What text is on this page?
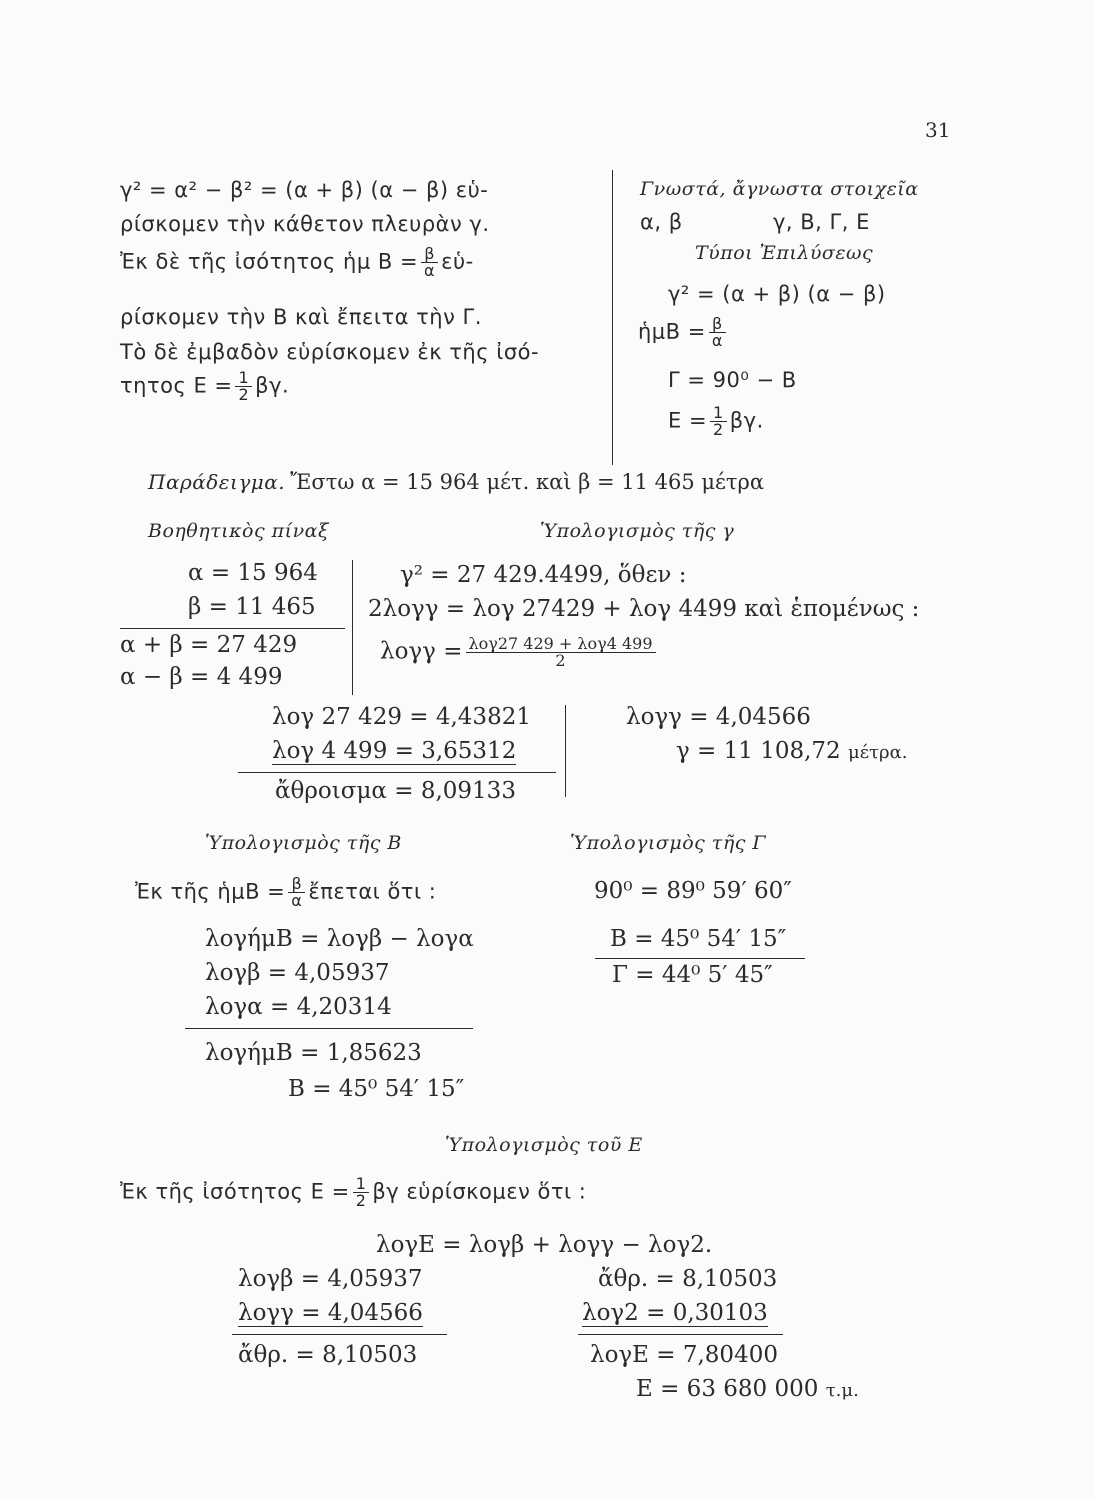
31
γ² = α² − β² = (α + β) (α − β) εὑ-
ρίσκομεν τὴν κάθετον πλευρὰν γ.
Ἐκ δὲ τῆς ἰσότητος ἡμ $B = \frac{\beta}{\alpha}$ εὑ-
ρίσκομεν τὴν Β καὶ ἔπειτα τὴν Γ.
Τὸ δὲ ἐμβαδὸν εὑρίσκομεν ἐκ τῆς ἰσό-
τητος $E = \frac{1}{2} \beta\gamma$.
Γνωστά, ἄγνωστα στοιχεῖα
α, β	γ, Β, Γ, Ε
Τύποι Ἐπιλύσεως
γ² = (α + β) (α − β)
ἡμΒ = $\frac{\beta}{\alpha}$
Γ = 90⁰ − Β
$E = \frac{1}{2} \beta\gamma$.
Παράδειγμα. Ἔστω α = 15 964 μέτ. καὶ β = 11 465 μέτρα
Βοηθητικὸς πίναξ
α = 15 964
β = 11 465
α + β = 27 429
α − β = 4 499
Ὑπολογισμὸς τῆς γ
γ² = 27 429.4499, ὅθεν :
2λογγ = λογ 27429 + λογ 4499 καὶ ἑπομένως :
$\lambda o\gamma\gamma = \frac{\text{λογ27 429 + λογ4 499}}{2}$
λογ 27 429 = 4,43821
λογ 4 499 = 3,65312
ἄθροισμα = 8,09133
λογγ = 4,04566
γ = 11 108,72 μέτρα.
Ὑπολογισμὸς τῆς Β
Ἐκ τῆς ἡμΒ = $\frac{\beta}{\alpha}$ ἔπεται ὅτι :
λογήμΒ = λογβ − λογα
λογβ = 4,05937
λογα = 4,20314
λογήμΒ = 1,85623
Β = 45⁰ 54′ 15″
Ὑπολογισμὸς τῆς Γ
90⁰ = 89⁰ 59′ 60″
Β = 45⁰ 54′ 15″
Γ = 44⁰ 5′ 45″
Ὑπολογισμὸς τοῦ Ε
Ἐκ τῆς ἰσότητος $E = \frac{1}{2}$ βγ εὑρίσκομεν ὅτι :
λογΕ = λογβ + λογγ − λογ2.
λογβ = 4,05937
λογγ = 4,04566
ἄθρ. = 8,10503
ἄθρ. = 8,10503
λογ2 = 0,30103
λογΕ = 7,80400
Ε = 63 680 000 τ.μ.
